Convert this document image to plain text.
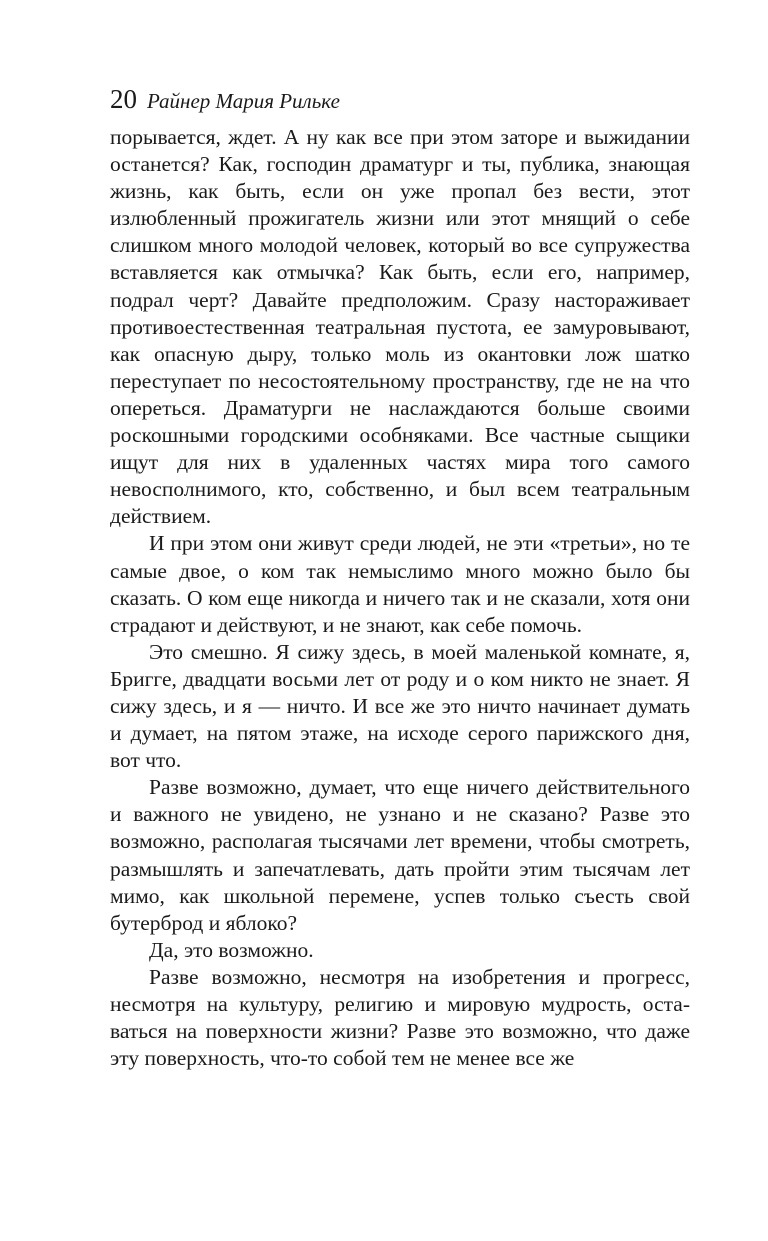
20 Райнер Мария Рильке

порывается, ждет. А ну как все при этом заторе и выжидании останется? Как, господин драматург и ты, публика, знающая жизнь, как быть, если он уже пропал без вести, этот излюбленный прожигатель жизни или этот мнящий о себе слишком много молодой человек, который во все супружества вставляется как отмычка? Как быть, если его, например, подрал черт? Давайте предположим. Сразу настораживает противоестественная театральная пустота, ее замуровывают, как опасную дыру, только моль из окантовки лож шатко переступает по несостоятельному пространству, где не на что опереться. Драматурги не наслаждаются больше своими роскошными городскими особняками. Все частные сыщики ищут для них в удаленных частях мира того самого невосполнимого, кто, собственно, и был всем театральным действием.

И при этом они живут среди людей, не эти «третьи», но те самые двое, о ком так немыслимо много можно было бы сказать. О ком еще никогда и ничего так и не сказали, хотя они страдают и действуют, и не знают, как себе помочь.

Это смешно. Я сижу здесь, в моей маленькой комнате, я, Бригге, двадцати восьми лет от роду и о ком никто не знает. Я сижу здесь, и я — ничто. И все же это ничто начинает думать и думает, на пятом этаже, на исходе серого парижского дня, вот что.

Разве возможно, думает, что еще ничего действительного и важного не увидено, не узнано и не сказано? Разве это возможно, располагая тысячами лет времени, чтобы смотреть, размышлять и запечатлевать, дать пройти этим тысячам лет мимо, как школьной перемене, успев только съесть свой бутерброд и яблоко?

Да, это возможно.

Разве возможно, несмотря на изобретения и прогресс, несмотря на культуру, религию и мировую мудрость, оставаться на поверхности жизни? Разве это возможно, что даже эту поверхность, что-то собой тем не менее все же
